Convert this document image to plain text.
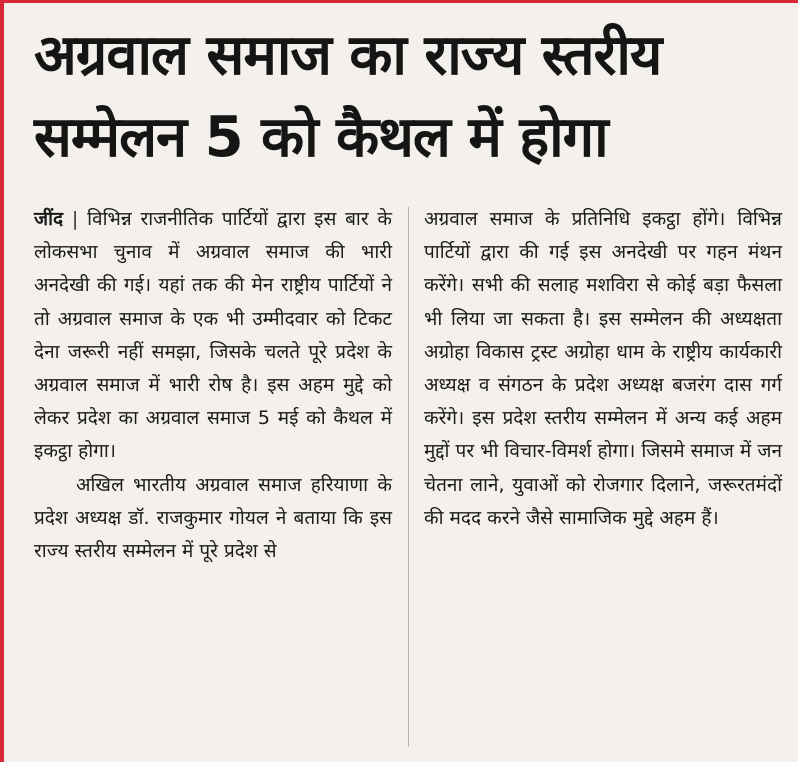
अग्रवाल समाज का राज्य स्तरीय
सम्मेलन 5 को कैथल में होगा

जींद | विभिन्न राजनीतिक पार्टियों द्वारा इस बार के लोकसभा चुनाव में अग्रवाल समाज की भारी अनदेखी की गई। यहां तक की मेन राष्ट्रीय पार्टियों ने तो अग्रवाल समाज के एक भी उम्मीदवार को टिकट देना जरूरी नहीं समझा, जिसके चलते पूरे प्रदेश के अग्रवाल समाज में भारी रोष है। इस अहम मुद्दे को लेकर प्रदेश का अग्रवाल समाज 5 मई को कैथल में इकट्ठा होगा।

अखिल भारतीय अग्रवाल समाज हरियाणा के प्रदेश अध्यक्ष डॉ. राजकुमार गोयल ने बताया कि इस राज्य स्तरीय सम्मेलन में पूरे प्रदेश से

अग्रवाल समाज के प्रतिनिधि इकट्ठा होंगे। विभिन्न पार्टियों द्वारा की गई इस अनदेखी पर गहन मंथन करेंगे। सभी की सलाह मशविरा से कोई बड़ा फैसला भी लिया जा सकता है। इस सम्मेलन की अध्यक्षता अग्रोहा विकास ट्रस्ट अग्रोहा धाम के राष्ट्रीय कार्यकारी अध्यक्ष व संगठन के प्रदेश अध्यक्ष बजरंग दास गर्ग करेंगे। इस प्रदेश स्तरीय सम्मेलन में अन्य कई अहम मुद्दों पर भी विचार-विमर्श होगा। जिसमे समाज में जन चेतना लाने, युवाओं को रोजगार दिलाने, जरूरतमंदों की मदद करने जैसे सामाजिक मुद्दे अहम हैं।
